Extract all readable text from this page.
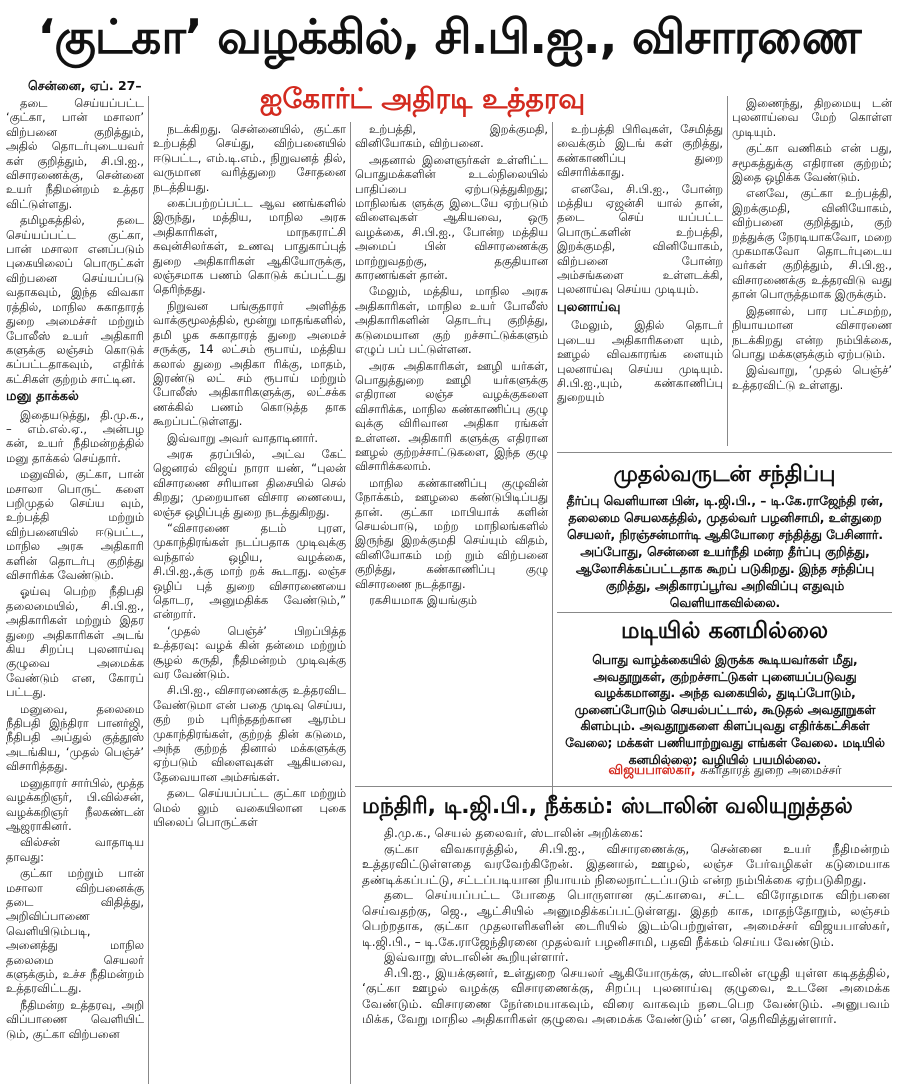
‘குட்கா’ வழக்கில், சி.பி.ஐ., விசாரணை
சென்னை, ஏப். 27–	ஐகோர்ட் அதிரடி உத்தரவு

தடை செய்யப்பட்ட ‘குட்கா, பான் மசாலா’ விற்பனை குறித்தும், அதில் தொடர்புடையவர் கள் குறித்தும், சி.பி.ஐ., விசாரணைக்கு, சென்னை உயர் நீதிமன்றம் உத்தர விட்டுள்ளது.

தமிழகத்தில், தடை செய்யப்பட்ட குட்கா, பான் மசாலா எனப்படும் புகையிலைப் பொருட்கள் விற்பனை செய்யப்படு வதாகவும், இந்த விவகா ரத்தில், மாநில சுகாதாரத் துறை அமைச்சர் மற்றும் போலீஸ் உயர் அதிகாரி களுக்கு லஞ்சம் கொடுக் கப்பட்டதாகவும், எதிர்க் கட்சிகள் குற்றம் சாட்டின.

மனு தாக்கல்

இதையடுத்து, தி.மு.க., – எம்.எல்.ஏ., அன்பழ கன், உயர் நீதிமன்றத்தில் மனு தாக்கல் செய்தார்.

மனுவில், குட்கா, பான் மசாலா பொருட் களை பறிமுதல் செய்ய வும், உற்பத்தி மற்றும் விற்பனையில் ஈடுபட்ட, மாநில அரசு அதிகாரி களின் தொடர்பு குறித்து விசாரிக்க வேண்டும்.

ஓய்வு பெற்ற நீதிபதி தலைமையில், சி.பி.ஐ., அதிகாரிகள் மற்றும் இதர துறை அதிகாரிகள் அடங் கிய சிறப்பு புலனாய்வு குழுவை அமைக்க வேண்டும் என, கோரப் பட்டது.

மனுவை, தலைமை நீதிபதி இந்திரா பானர்ஜி, நீதிபதி அப்துல் குத்தூஸ் அடங்கிய, ‘முதல் பெஞ்ச்’ விசாரித்தது.

மனுதாரர் சார்பில், மூத்த வழக்கறிஞர், பி.வில்சன், வழக்கறிஞர் நீலகண்டன் ஆஜராகினர்.

வில்சன் வாதாடிய தாவது:

குட்கா மற்றும் பான் மசாலா விற்பனைக்கு தடை விதித்து, அறிவிப்பாணை வெளியிடும்படி, அனைத்து மாநில தலைமை செயலர் களுக்கும், உச்ச நீதிமன்றம் உத்தரவிட்டது.

நீதிமன்ற உத்தரவு, அறி விப்பாணை வெளியிட் டும், குட்கா விற்பனை

நடக்கிறது. சென்னையில், குட்கா உற்பத்தி செய்து, விற்பனையில் ஈடுபட்ட, எம்.டி.எம்., நிறுவனத் தில், வருமான வரித்துறை சோதனை நடத்தியது.

கைப்பற்றப்பட்ட ஆவ ணங்களில் இருந்து, மத்திய, மாநில அரசு அதிகாரிகள், மாநகராட்சி கவுன்சிலர்கள், உணவு பாதுகாப்புத் துறை அதிகாரிகள் ஆகியோருக்கு, லஞ்சமாக பணம் கொடுக் கப்பட்டது தெரிந்தது.

நிறுவன பங்குதாரர் அளித்த வாக்குமூலத்தில், மூன்று மாதங்களில், தமி ழக சுகாதாரத் துறை அமைச் சருக்கு, 14 லட்சம் ரூபாய், மத்திய கலால் துறை அதிகா ரிக்கு, மாதம், இரண்டு லட் சம் ரூபாய் மற்றும் போலீஸ் அதிகாரிகளுக்கு, லட்சக்க ணக்கில் பணம் கொடுத்த தாக கூறப்பட்டுள்ளது.

இவ்வாறு அவர் வாதாடினார்.

அரசு தரப்பில், அட்வ கேட் ஜெனரல் விஜய் நாரா யண், “புலன் விசாரணை சரியான திசையில் செல் கிறது; முறையான விசார ணையை, லஞ்ச ஒழிப்புத் துறை நடத்துகிறது.

“விசாரணை தடம் புரள, முகாந்திரங்கள் நடப்பதாக முடிவுக்கு வந்தால் ஒழிய, வழக்கை, சி.பி.ஐ.,க்கு மாற் றக் கூடாது. லஞ்ச ஒழிப் புத் துறை விசாரணையை தொடர, அனுமதிக்க வேண்டும்,” என்றார்.

‘முதல் பெஞ்ச்’ பிறப்பித்த உத்தரவு: வழக் கின் தன்மை மற்றும் சூழல் கருதி, நீதிமன்றம் முடிவுக்கு வர வேண்டும்.

சி.பி.ஐ., விசாரணைக்கு உத்தரவிட வேண்டுமா என் பதை முடிவு செய்ய, குற் றம் புரிந்ததற்கான ஆரம்ப முகாந்திரங்கள், குற்றத் தின் கடுமை, அந்த குற்றத் தினால் மக்களுக்கு ஏற்படும் விளைவுகள் ஆகியவை, தேவையான அம்சங்கள்.

தடை செய்யப்பட்ட குட்கா மற்றும் மெல் லும் வகையிலான புகை யிலைப் பொருட்கள்

உற்பத்தி, இறக்குமதி, வினியோகம், விற்பனை.

அதனால் இளைஞர்கள் உள்ளிட்ட பொதுமக்களின் உடல்நிலையில் பாதிப்பை ஏற்படுத்துகிறது; மாநிலங்க ளுக்கு இடையே ஏற்படும் விளைவுகள் ஆகியவை, ஒரு வழக்கை, சி.பி.ஐ., போன்ற மத்திய அமைப் பின் விசாரணைக்கு மாற்றுவதற்கு, தகுதியான காரணங்கள் தான்.

மேலும், மத்திய, மாநில அரசு அதிகாரிகள், மாநில உயர் போலீஸ் அதிகாரிகளின் தொடர்பு குறித்து, கடுமையான குற் றச்சாட்டுக்களும் எழுப் பப் பட்டுள்ளன.

அரசு அதிகாரிகள், ஊழி யர்கள், பொதுத்துறை ஊழி யர்களுக்கு எதிரான லஞ்ச வழக்குகளை விசாரிக்க, மாநில கண்காணிப்பு குழு வுக்கு விரிவான அதிகா ரங்கள் உள்ளன. அதிகாரி களுக்கு எதிரான ஊழல் குற்றச்சாட்டுகளை, இந்த குழு விசாரிக்கலாம்.

மாநில கண்காணிப்பு குழுவின் நோக்கம், ஊழலை கண்டுபிடிப்பது தான். குட்கா மாபியாக் களின் செயல்பாடு, மற்ற மாநிலங்களில் இருந்து இறக்குமதி செய்யும் விதம், வினியோகம் மற் றும் விற்பனை குறித்து, கண்காணிப்பு குழு விசாரணை நடத்தாது.

ரகசியமாக இயங்கும்

உற்பத்தி பிரிவுகள், சேமித்து வைக்கும் இடங் கள் குறித்து, கண்காணிப்பு துறை விசாரிக்காது.

எனவே, சி.பி.ஐ., போன்ற மத்திய ஏஜன்சி யால் தான், தடை செய் யப்பட்ட பொருட்களின் உற்பத்தி, இறக்குமதி, வினியோகம், விற்பனை போன்ற அம்சங்களை உள்ளடக்கி, புலனாய்வு செய்ய முடியும்.

புலனாய்வு

மேலும், இதில் தொடர் புடைய அதிகாரிகளை யும், ஊழல் விவகாரங்க ளையும் புலனாய்வு செய்ய முடியும். சி.பி.ஐ.,யும், கண்காணிப்பு துறையும்

இணைந்து, திறமையு டன் புலனாய்வை மேற் கொள்ள முடியும்.

குட்கா வணிகம் என் பது, சமூகத்துக்கு எதிரான குற்றம்; இதை ஒழிக்க வேண்டும்.

எனவே, குட்கா உற்பத்தி, இறக்குமதி, வினியோகம், விற்பனை குறித்தும், குற் றத்துக்கு நேரடியாகவோ, மறை முகமாகவோ தொடர்புடைய வர்கள் குறித்தும், சி.பி.ஐ., விசாரணைக்கு உத்தரவிடு வது தான் பொருத்தமாக இருக்கும்.

இதனால், பார பட்சமற்ற, நியாயமான விசாரணை நடக்கிறது என்ற நம்பிக்கை, பொது மக்களுக்கும் ஏற்படும்.

இவ்வாறு, ‘முதல் பெஞ்ச்’ உத்தரவிட்டு உள்ளது.

முதல்வருடன் சந்திப்பு
தீர்ப்பு வெளியான பின், டி.ஜி.பி., – டி.கே.ராஜேந்தி ரன், தலைமை செயலகத்தில், முதல்வர் பழனிசாமி, உள்துறை செயலர், நிரஞ்சன்மார்டி ஆகியோரை சந்தித்து பேசினார். அப்போது, சென்னை உயர்நீதி மன்ற தீர்ப்பு குறித்து, ஆலோசிக்கப்பட்டதாக கூறப் படுகிறது. இந்த சந்திப்பு குறித்து, அதிகாரப்பூர்வ அறிவிப்பு எதுவும் வெளியாகவில்லை.
மடியில் கனமில்லை
பொது வாழ்க்கையில் இருக்க கூடியவர்கள் மீது, அவதூறுகள், குற்றச்சாட்டுகள் புனையப்படுவது வழக்கமானது. அந்த வகையில், துடிப்போடும், முனைப்போடும் செயல்பட்டால், கூடுதல் அவதூறுகள் கிளம்பும். அவதூறுகளை கிளப்புவது எதிர்க்கட்சிகள் வேலை; மக்கள் பணியாற்றுவது எங்கள் வேலை. மடியில் கனமில்லை; வழியில் பயமில்லை.
விஜயபாஸ்கர், சுகாதாரத் துறை அமைச்சர்
மந்திரி, டி.ஜி.பி., நீக்கம்: ஸ்டாலின் வலியுறுத்தல்

தி.மு.க., செயல் தலைவர், ஸ்டாலின் அறிக்கை:

குட்கா விவகாரத்தில், சி.பி.ஐ., விசாரணைக்கு, சென்னை உயர் நீதிமன்றம் உத்தரவிட்டுள்ளதை வரவேற்கிறேன். இதனால், ஊழல், லஞ்ச பேர்வழிகள் கடுமையாக தண்டிக்கப்பட்டு, சட்டப்படியான நியாயம் நிலைநாட்டப்படும் என்ற நம்பிக்கை ஏற்படுகிறது.

தடை செய்யப்பட்ட போதை பொருளான குட்காவை, சட்ட விரோதமாக விற்பனை செய்வதற்கு, ஜெ., ஆட்சியில் அனுமதிக்கப்பட்டுள்ளது. இதற் காக, மாதந்தோறும், லஞ்சம் பெற்றதாக, குட்கா முதலாளிகளின் டைரியில் இடம்பெற்றுள்ள, அமைச்சர் விஜயபாஸ்கர், டி.ஜி.பி., – டி.கே.ராஜேந்திரனை முதல்வர் பழனிசாமி, பதவி நீக்கம் செய்ய வேண்டும்.

இவ்வாறு ஸ்டாலின் கூறியுள்ளார்.

சி.பி.ஐ., இயக்குனர், உள்துறை செயலர் ஆகியோருக்கு, ஸ்டாலின் எழுதி யுள்ள கடிதத்தில், ‘குட்கா ஊழல் வழக்கு விசாரணைக்கு, சிறப்பு புலனாய்வு குழுவை, உடனே அமைக்க வேண்டும். விசாரணை நேர்மையாகவும், விரை வாகவும் நடைபெற வேண்டும். அனுபவம் மிக்க, வேறு மாநில அதிகாரிகள் குழுவை அமைக்க வேண்டும்’ என, தெரிவித்துள்ளார்.
